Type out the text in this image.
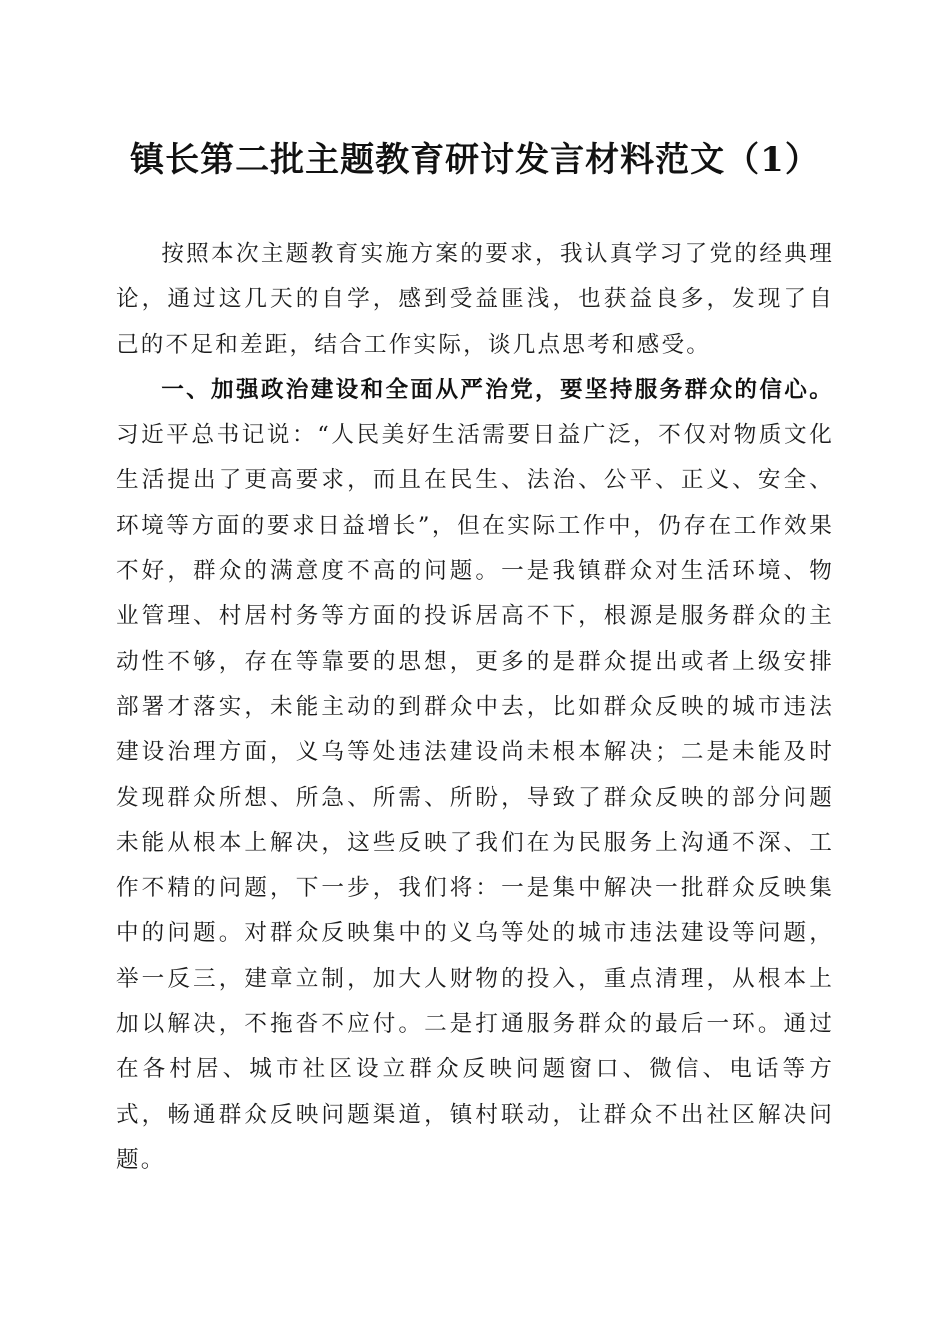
镇长第二批主题教育研讨发言材料范文（1）

按照本次主题教育实施方案的要求，我认真学习了党的经典理论，通过这几天的自学，感到受益匪浅，也获益良多，发现了自己的不足和差距，结合工作实际，谈几点思考和感受。

一、加强政治建设和全面从严治党，要坚持服务群众的信心。习近平总书记说：“人民美好生活需要日益广泛，不仅对物质文化生活提出了更高要求，而且在民生、法治、公平、正义、安全、环境等方面的要求日益增长”，但在实际工作中，仍存在工作效果不好，群众的满意度不高的问题。一是我镇群众对生活环境、物业管理、村居村务等方面的投诉居高不下，根源是服务群众的主动性不够，存在等靠要的思想，更多的是群众提出或者上级安排部署才落实，未能主动的到群众中去，比如群众反映的城市违法建设治理方面，义乌等处违法建设尚未根本解决；二是未能及时发现群众所想、所急、所需、所盼，导致了群众反映的部分问题未能从根本上解决，这些反映了我们在为民服务上沟通不深、工作不精的问题，下一步，我们将：一是集中解决一批群众反映集中的问题。对群众反映集中的义乌等处的城市违法建设等问题，举一反三，建章立制，加大人财物的投入，重点清理，从根本上加以解决，不拖沓不应付。二是打通服务群众的最后一环。通过在各村居、城市社区设立群众反映问题窗口、微信、电话等方式，畅通群众反映问题渠道，镇村联动，让群众不出社区解决问题。
